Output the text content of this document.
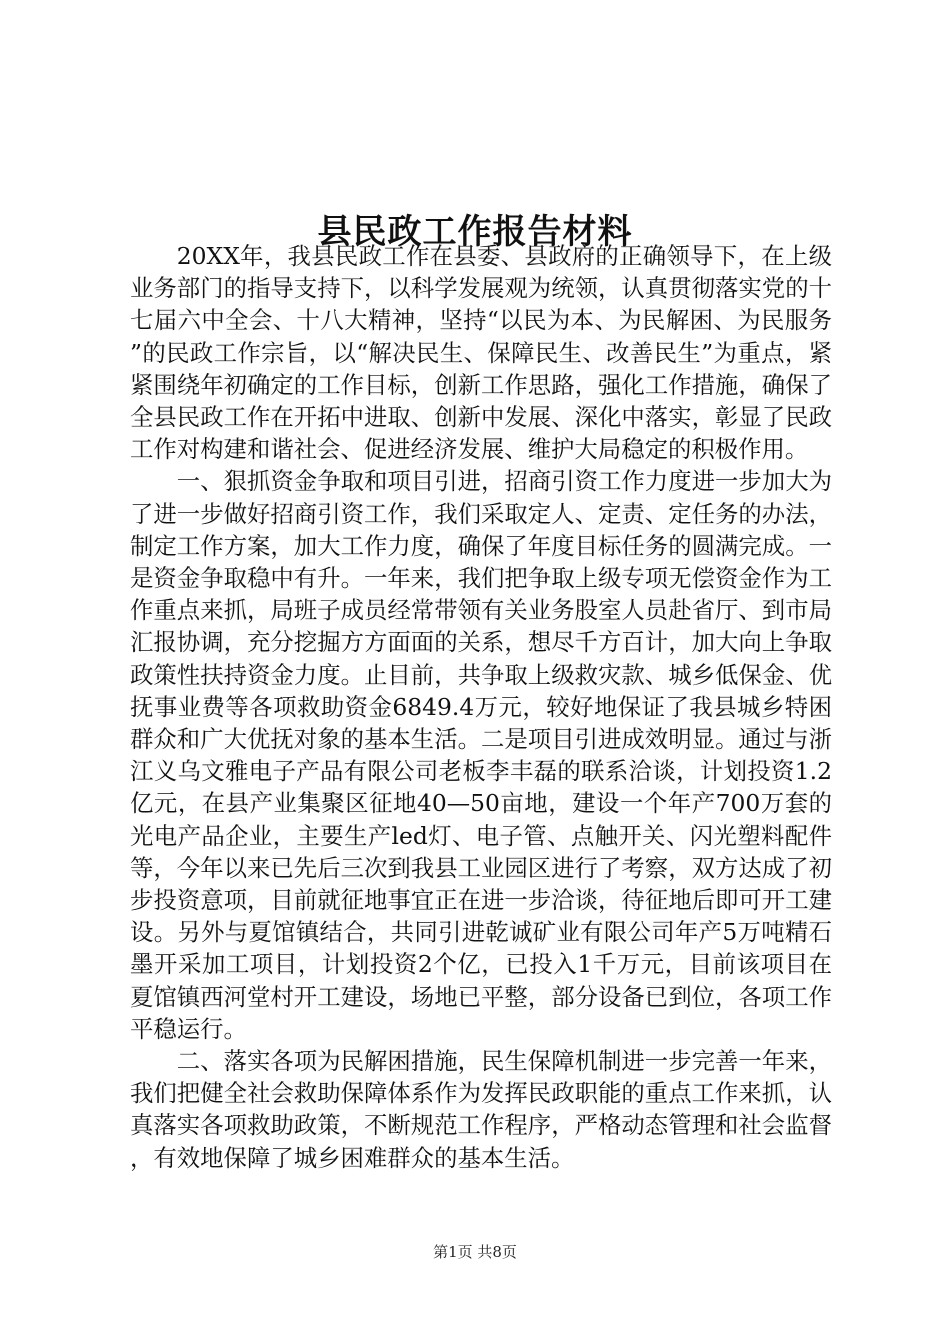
县民政工作报告材料

20XX年，我县民政工作在县委、县政府的正确领导下，在上级业务部门的指导支持下，以科学发展观为统领，认真贯彻落实党的十七届六中全会、十八大精神，坚持“以民为本、为民解困、为民服务”的民政工作宗旨，以“解决民生、保障民生、改善民生”为重点，紧紧围绕年初确定的工作目标，创新工作思路，强化工作措施，确保了全县民政工作在开拓中进取、创新中发展、深化中落实，彰显了民政工作对构建和谐社会、促进经济发展、维护大局稳定的积极作用。

一、狠抓资金争取和项目引进，招商引资工作力度进一步加大为了进一步做好招商引资工作，我们采取定人、定责、定任务的办法，制定工作方案，加大工作力度，确保了年度目标任务的圆满完成。一是资金争取稳中有升。一年来，我们把争取上级专项无偿资金作为工作重点来抓，局班子成员经常带领有关业务股室人员赴省厅、到市局汇报协调，充分挖掘方方面面的关系，想尽千方百计，加大向上争取政策性扶持资金力度。止目前，共争取上级救灾款、城乡低保金、优抚事业费等各项救助资金6849.4万元，较好地保证了我县城乡特困群众和广大优抚对象的基本生活。二是项目引进成效明显。通过与浙江义乌文雅电子产品有限公司老板李丰磊的联系洽谈，计划投资1.2亿元，在县产业集聚区征地40—50亩地，建设一个年产700万套的光电产品企业，主要生产led灯、电子管、点触开关、闪光塑料配件等，今年以来已先后三次到我县工业园区进行了考察，双方达成了初步投资意项，目前就征地事宜正在进一步洽谈，待征地后即可开工建设。另外与夏馆镇结合，共同引进乾诚矿业有限公司年产5万吨精石墨开采加工项目，计划投资2个亿，已投入1千万元，目前该项目在夏馆镇西河堂村开工建设，场地已平整，部分设备已到位，各项工作平稳运行。

二、落实各项为民解困措施，民生保障机制进一步完善一年来，我们把健全社会救助保障体系作为发挥民政职能的重点工作来抓，认真落实各项救助政策，不断规范工作程序，严格动态管理和社会监督，有效地保障了城乡困难群众的基本生活。

第1页 共8页
